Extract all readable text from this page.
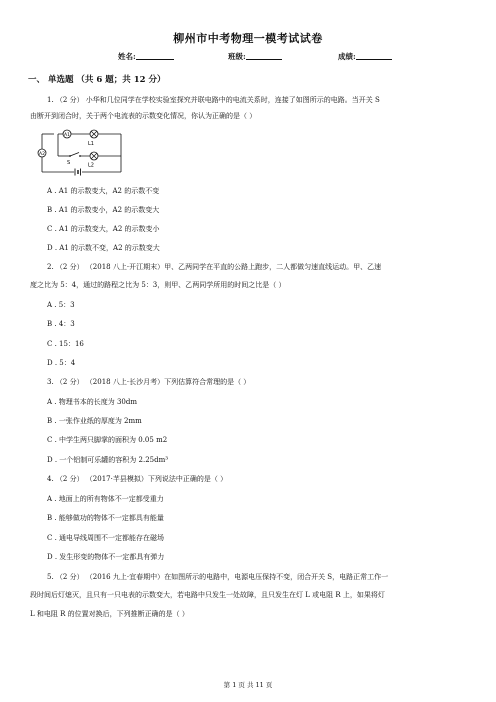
柳州市中考物理一模考试试卷
姓名:	班级:	成绩:
一、 单选题 （共 6 题；共 12 分）
1. （2 分） 小华和几位同学在学校实验室探究并联电路中的电流关系时，连接了如图所示的电路。当开关 S
由断开到闭合时，关于两个电流表的示数变化情况，你认为正确的是（ ）
A1
L1
S	L2
A2
A . A1 的示数变大，A2 的示数不变
B . A1 的示数变小，A2 的示数变大
C . A1 的示数变大，A2 的示数变小
D . A1 的示数不变，A2 的示数变大
2. （2 分） （2018 八上·开江期末）甲、乙两同学在平直的公路上跑步，二人都做匀速直线运动。甲、乙速
度之比为 5：4，通过的路程之比为 5：3，则甲、乙两同学所用的时间之比是（ ）
A . 5：3
B . 4：3
C . 15：16
D . 5：4
3. （2 分） （2018 八上·长沙月考）下列估算符合常理的是（ ）
A . 物理书本的长度为 30dm
B . 一张作业纸的厚度为 2mm
C . 中学生两只脚掌的面积为 0.05 m2
D . 一个铝制可乐罐的容积为 2.25dm³
4. （2 分） （2017·芊县模拟）下列说法中正确的是（ ）
A . 地面上的所有物体不一定都受重力
B . 能够做功的物体不一定都具有能量
C . 通电导线周围不一定都能存在磁场
D . 发生形变的物体不一定都具有弹力
5. （2 分） （2016 九上·宜春期中）在如图所示的电路中，电源电压保持不变，闭合开关 S，电路正常工作一
段时间后灯熄灭，且只有一只电表的示数变大，若电路中只发生一处故障，且只发生在灯 L 或电阻 R 上，如果将灯
L 和电阻 R 的位置对换后，下列推断正确的是（ ）
第 1 页 共 11 页
